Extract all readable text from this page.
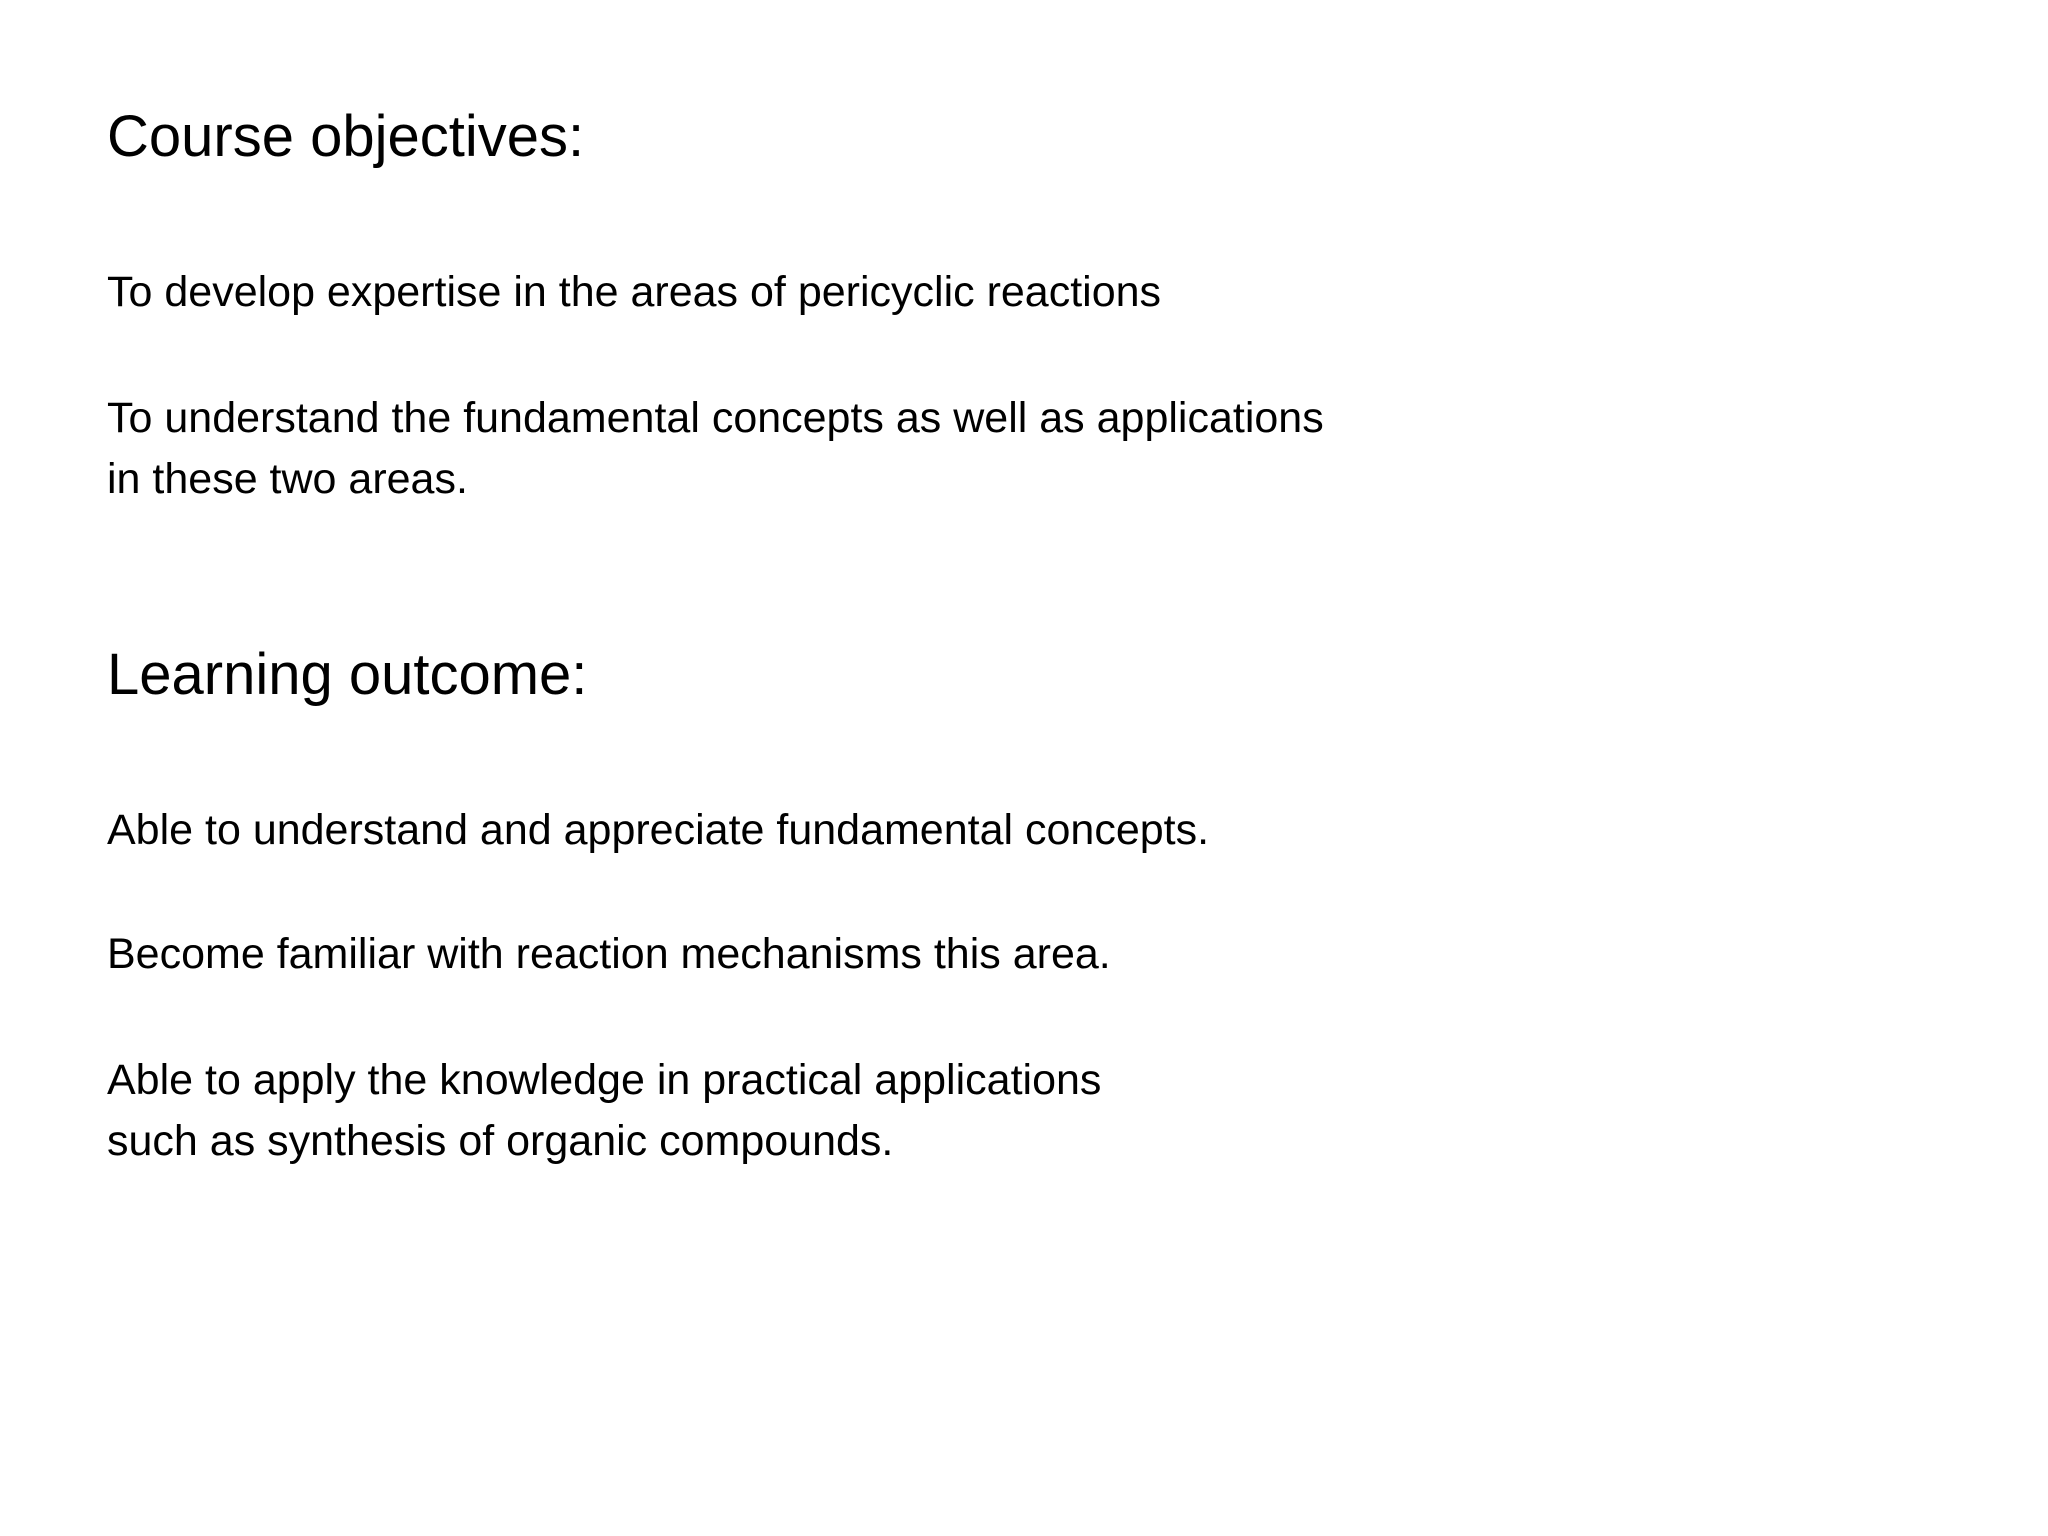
Course objectives:

To develop expertise in the areas of pericyclic reactions

To understand the fundamental concepts as well as applications
in these two areas.

Learning outcome:

Able to understand and appreciate fundamental concepts.

Become familiar with reaction mechanisms this area.

Able to apply the knowledge in practical applications
such as synthesis of organic compounds.
